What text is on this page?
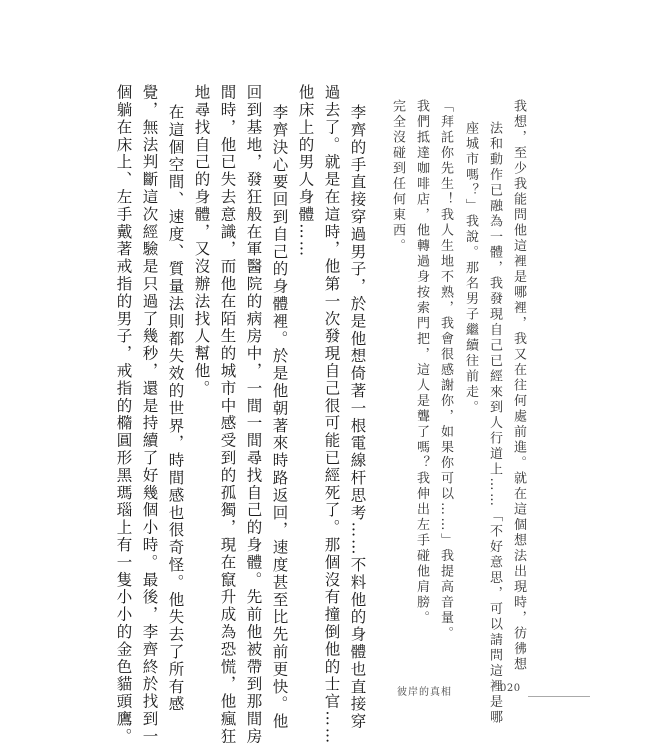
我想，至少我能問他這裡是哪裡，我又在往何處前進。就在這個想法出現時，彷彿想
法和動作已融為一體，我發現自己已經來到人行道上……「不好意思，可以請問這裡是哪
座城市嗎？」我說。那名男子繼續往前走。
「拜託你先生！我人生地不熟，我會很感謝你，如果你可以……」我提高音量。
我們抵達咖啡店，他轉過身按索門把，這人是聾了嗎？我伸出左手碰他肩膀。
完全沒碰到任何東西。
李齊的手直接穿過男子，於是他想倚著一根電線杆思考……不料他的身體也直接穿
過去了。就是在這時，他第一次發現自己很可能已經死了。那個沒有撞倒他的士官……
他床上的男人身體……
李齊決心要回到自己的身體裡。於是他朝著來時路返回，速度甚至比先前更快。他
回到基地，發狂般在軍醫院的病房中，一間一間尋找自己的身體。先前他被帶到那間房
間時，他已失去意識，而他在陌生的城市中感受到的孤獨，現在竄升成為恐慌，他瘋狂
地尋找自己的身體，又沒辦法找人幫他。
在這個空間、速度、質量法則都失效的世界，時間感也很奇怪。他失去了所有感
覺，無法判斷這次經驗是只過了幾秒，還是持續了好幾個小時。最後，李齊終於找到一
個躺在床上、左手戴著戒指的男子，戒指的橢圓形黑瑪瑙上有一隻小小的金色貓頭鷹。	彼岸的真相	020
